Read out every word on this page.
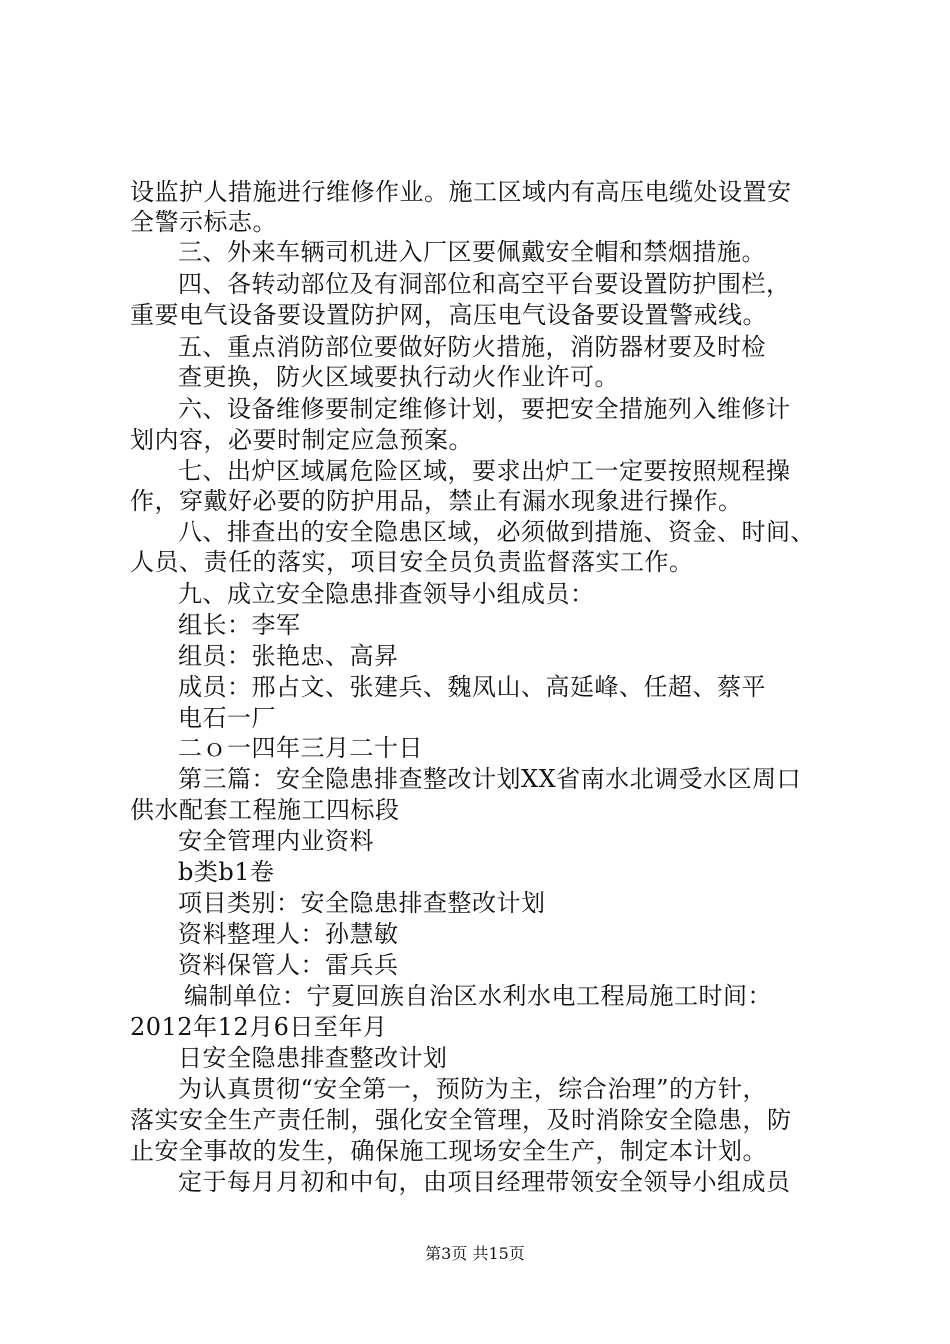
设监护人措施进行维修作业。施工区域内有高压电缆处设置安
全警示标志。
三、外来车辆司机进入厂区要佩戴安全帽和禁烟措施。
四、各转动部位及有洞部位和高空平台要设置防护围栏，
重要电气设备要设置防护网，高压电气设备要设置警戒线。
五、重点消防部位要做好防火措施，消防器材要及时检
查更换，防火区域要执行动火作业许可。
六、设备维修要制定维修计划，要把安全措施列入维修计
划内容，必要时制定应急预案。
七、出炉区域属危险区域，要求出炉工一定要按照规程操
作，穿戴好必要的防护用品，禁止有漏水现象进行操作。
八、排查出的安全隐患区域，必须做到措施、资金、时间、
人员、责任的落实，项目安全员负责监督落实工作。
九、成立安全隐患排查领导小组成员：
组长：李军
组员：张艳忠、高昇
成员：邢占文、张建兵、魏凤山、高延峰、任超、蔡平
电石一厂
二ｏ一四年三月二十日
第三篇：安全隐患排查整改计划XX省南水北调受水区周口
供水配套工程施工四标段
安全管理内业资料
b类b1卷
项目类别：安全隐患排查整改计划
资料整理人：孙慧敏
资料保管人：雷兵兵
编制单位：宁夏回族自治区水利水电工程局施工时间：
2012年12月6日至年月
日安全隐患排查整改计划
为认真贯彻“安全第一，预防为主，综合治理”的方针，
落实安全生产责任制，强化安全管理，及时消除安全隐患，防
止安全事故的发生，确保施工现场安全生产，制定本计划。
定于每月月初和中旬，由项目经理带领安全领导小组成员
第3页 共15页
